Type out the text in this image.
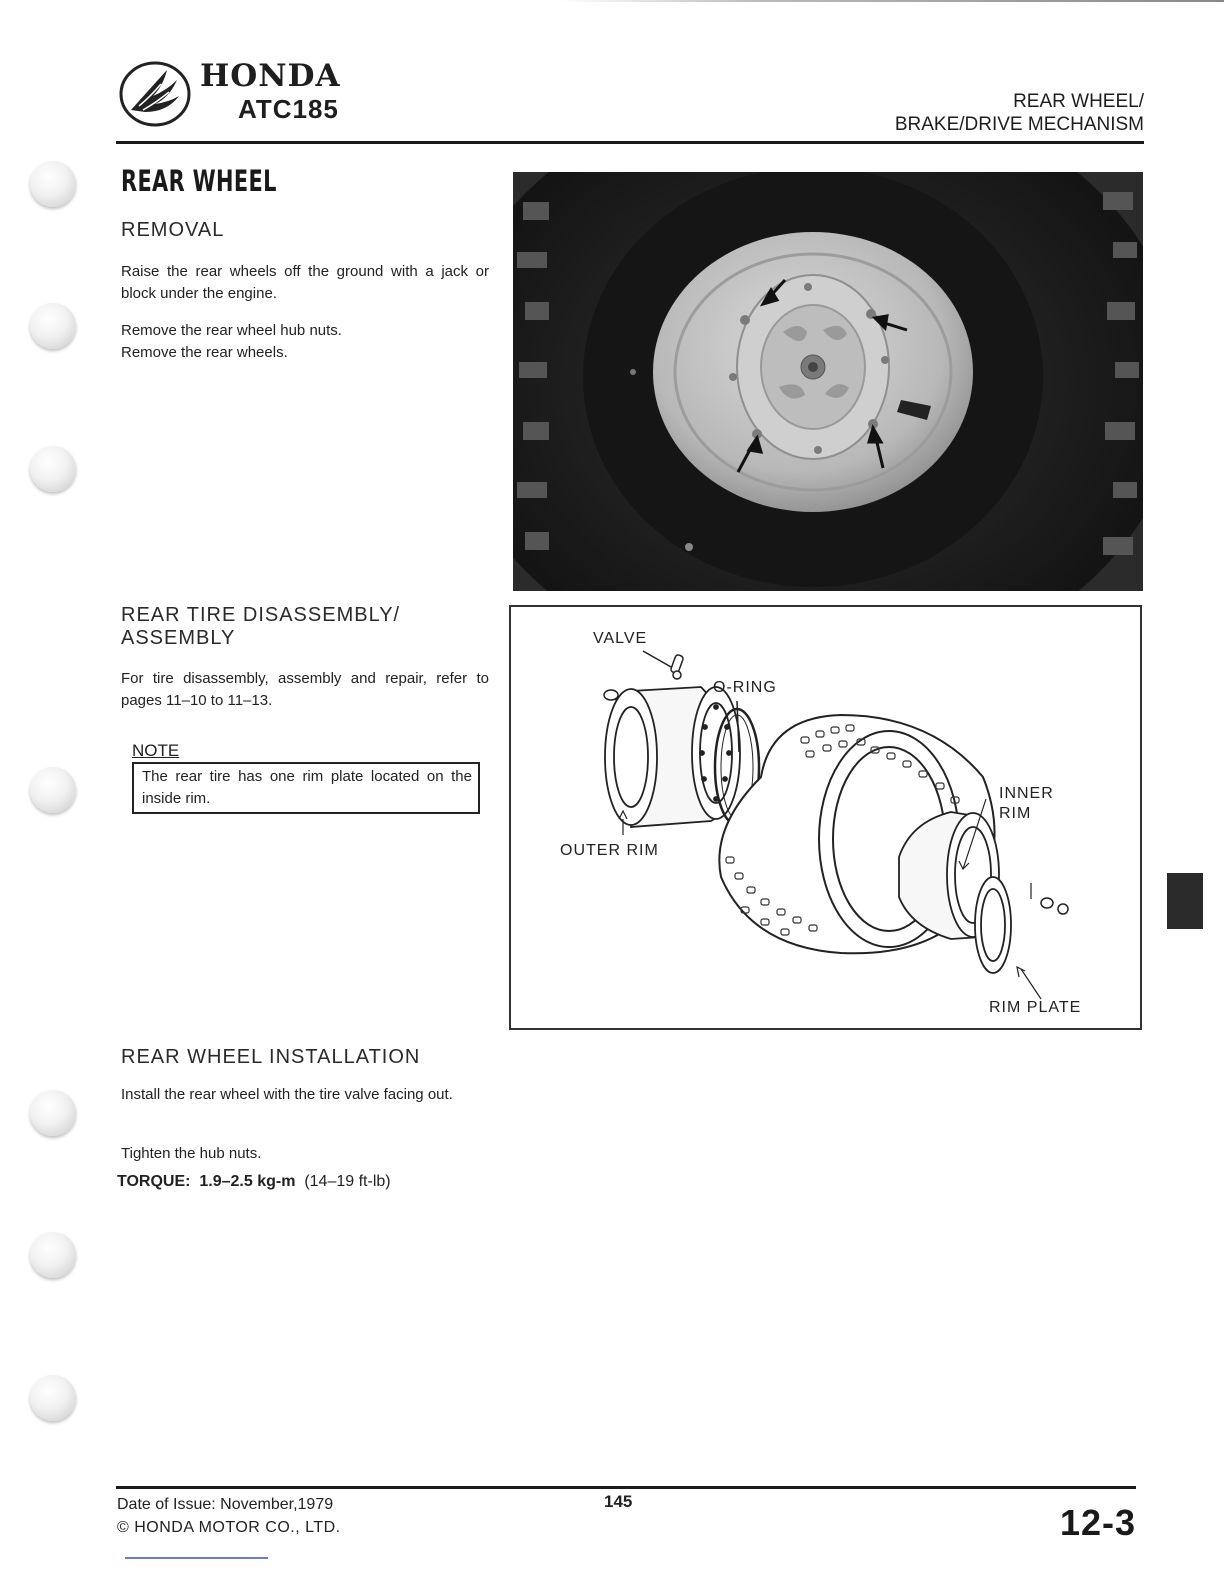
HONDA
ATC185	REAR WHEEL/
BRAKE/DRIVE MECHANISM
REAR WHEEL
REMOVAL

Raise the rear wheels off the ground with a jack or block under the engine.

Remove the rear wheel hub nuts.
Remove the rear wheels.

REAR TIRE DISASSEMBLY/
ASSEMBLY

For tire disassembly, assembly and repair, refer to pages 11–10 to 11–13.

NOTE
The rear tire has one rim plate located on the inside rim.
REAR WHEEL INSTALLATION

Install the rear wheel with the tire valve facing out.

Tighten the hub nuts.

TORQUE: 1.9–2.5 kg-m (14–19 ft-lb)
VALVE
O-RING
INNER
RIM
OUTER RIM
RIM PLATE
Date of Issue: November,1979
© HONDA MOTOR CO., LTD.
145
12-3
